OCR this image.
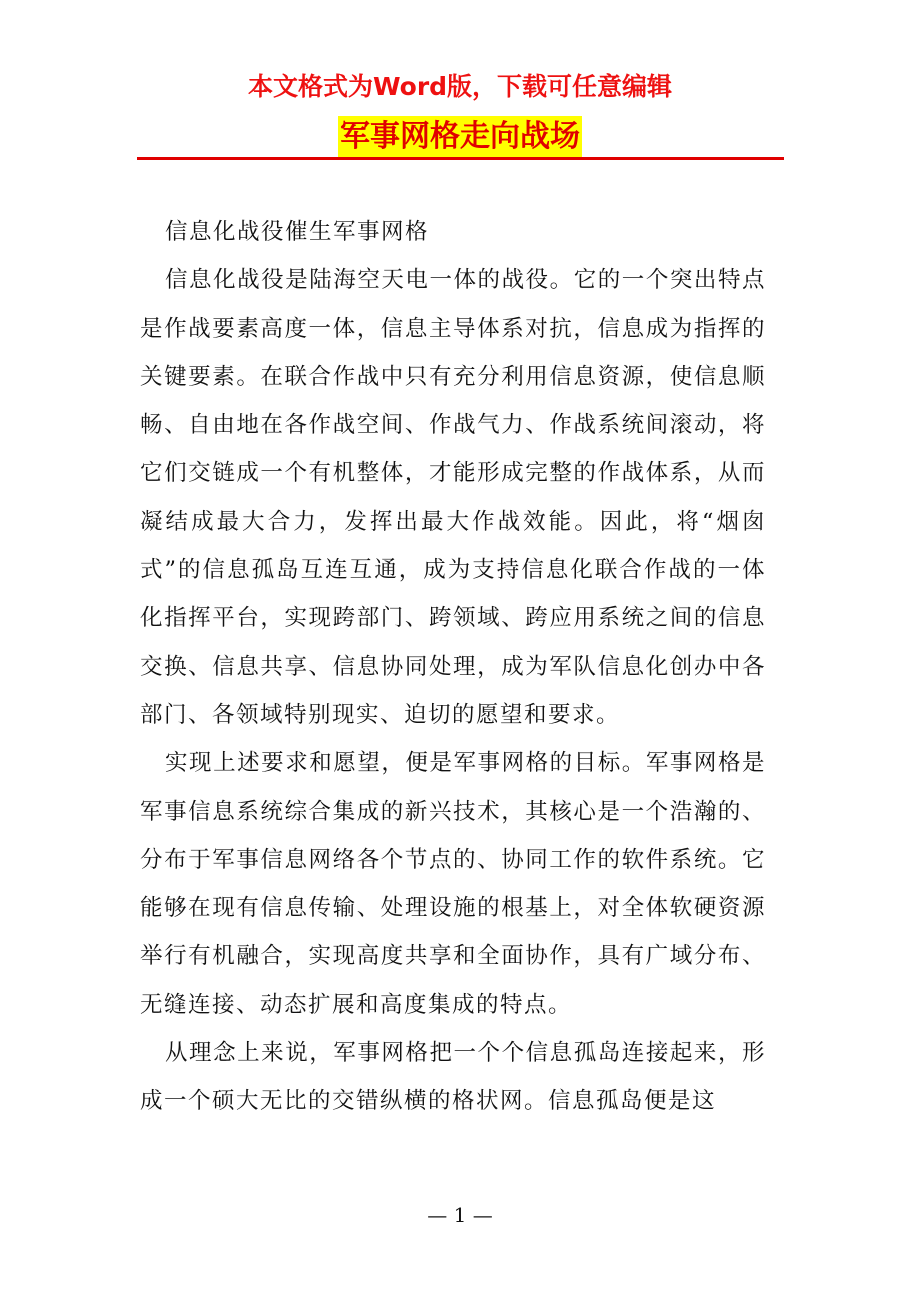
本文格式为Word版，下载可任意编辑
军事网格走向战场

信息化战役催生军事网格

信息化战役是陆海空天电一体的战役。它的一个突出特点是作战要素高度一体，信息主导体系对抗，信息成为指挥的关键要素。在联合作战中只有充分利用信息资源，使信息顺畅、自由地在各作战空间、作战气力、作战系统间滚动，将它们交链成一个有机整体，才能形成完整的作战体系，从而凝结成最大合力，发挥出最大作战效能。因此，将“烟囱式”的信息孤岛互连互通，成为支持信息化联合作战的一体化指挥平台，实现跨部门、跨领域、跨应用系统之间的信息交换、信息共享、信息协同处理，成为军队信息化创办中各部门、各领域特别现实、迫切的愿望和要求。

实现上述要求和愿望，便是军事网格的目标。军事网格是军事信息系统综合集成的新兴技术，其核心是一个浩瀚的、分布于军事信息网络各个节点的、协同工作的软件系统。它能够在现有信息传输、处理设施的根基上，对全体软硬资源举行有机融合，实现高度共享和全面协作，具有广域分布、无缝连接、动态扩展和高度集成的特点。

从理念上来说，军事网格把一个个信息孤岛连接起来，形成一个硕大无比的交错纵横的格状网。信息孤岛便是这

— 1 —
